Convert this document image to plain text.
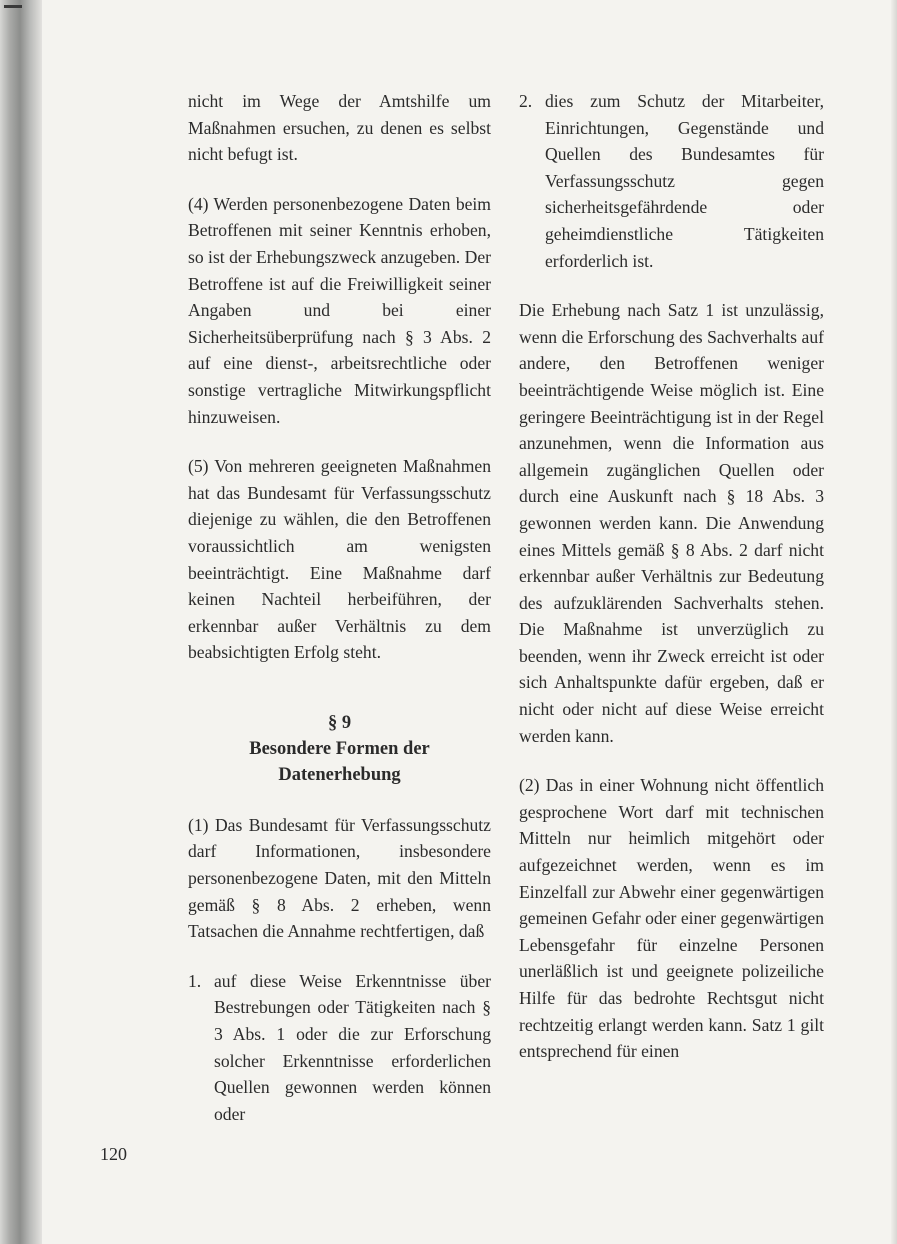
nicht im Wege der Amtshilfe um Maßnahmen ersuchen, zu denen es selbst nicht befugt ist.

(4) Werden personenbezogene Daten beim Betroffenen mit seiner Kenntnis erhoben, so ist der Erhebungszweck anzugeben. Der Betroffene ist auf die Freiwilligkeit seiner Angaben und bei einer Sicherheitsüberprüfung nach § 3 Abs. 2 auf eine dienst-, arbeitsrechtliche oder sonstige vertragliche Mitwirkungspflicht hinzuweisen.

(5) Von mehreren geeigneten Maßnahmen hat das Bundesamt für Verfassungsschutz diejenige zu wählen, die den Betroffenen voraussichtlich am wenigsten beeinträchtigt. Eine Maßnahme darf keinen Nachteil herbeiführen, der erkennbar außer Verhältnis zu dem beabsichtigten Erfolg steht.

§ 9
Besondere Formen der
Datenerhebung

(1) Das Bundesamt für Verfassungsschutz darf Informationen, insbesondere personenbezogene Daten, mit den Mitteln gemäß § 8 Abs. 2 erheben, wenn Tatsachen die Annahme rechtfertigen, daß

1. auf diese Weise Erkenntnisse über Bestrebungen oder Tätigkeiten nach § 3 Abs. 1 oder die zur Erforschung solcher Erkenntnisse erforderlichen Quellen gewonnen werden können oder
2. dies zum Schutz der Mitarbeiter, Einrichtungen, Gegenstände und Quellen des Bundesamtes für Verfassungsschutz gegen sicherheitsgefährdende oder geheimdienstliche Tätigkeiten erforderlich ist.

Die Erhebung nach Satz 1 ist unzulässig, wenn die Erforschung des Sachverhalts auf andere, den Betroffenen weniger beeinträchtigende Weise möglich ist. Eine geringere Beeinträchtigung ist in der Regel anzunehmen, wenn die Information aus allgemein zugänglichen Quellen oder durch eine Auskunft nach § 18 Abs. 3 gewonnen werden kann. Die Anwendung eines Mittels gemäß § 8 Abs. 2 darf nicht erkennbar außer Verhältnis zur Bedeutung des aufzuklärenden Sachverhalts stehen. Die Maßnahme ist unverzüglich zu beenden, wenn ihr Zweck erreicht ist oder sich Anhaltspunkte dafür ergeben, daß er nicht oder nicht auf diese Weise erreicht werden kann.

(2) Das in einer Wohnung nicht öffentlich gesprochene Wort darf mit technischen Mitteln nur heimlich mitgehört oder aufgezeichnet werden, wenn es im Einzelfall zur Abwehr einer gegenwärtigen gemeinen Gefahr oder einer gegenwärtigen Lebensgefahr für einzelne Personen unerläßlich ist und geeignete polizeiliche Hilfe für das bedrohte Rechtsgut nicht rechtzeitig erlangt werden kann. Satz 1 gilt entsprechend für einen

120
